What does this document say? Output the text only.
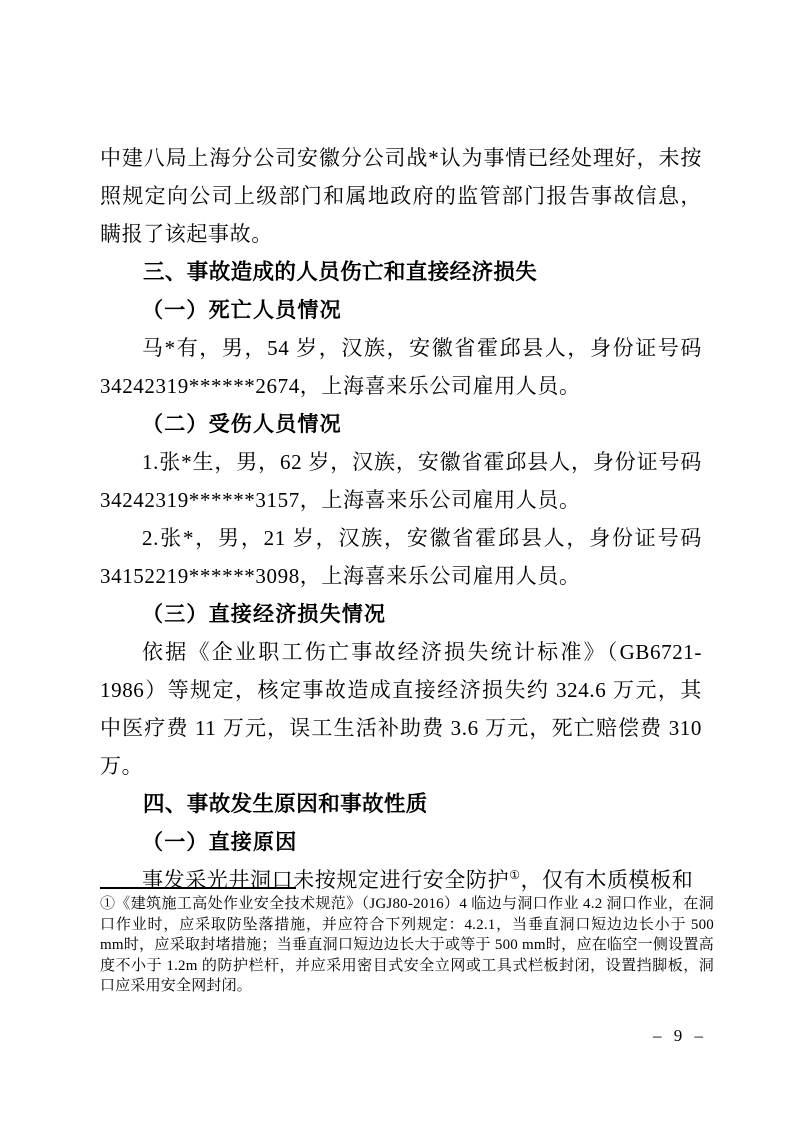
中建八局上海分公司安徽分公司战*认为事情已经处理好，未按照规定向公司上级部门和属地政府的监管部门报告事故信息，瞒报了该起事故。

三、事故造成的人员伤亡和直接经济损失
（一）死亡人员情况

马*有，男，54 岁，汉族，安徽省霍邱县人，身份证号码 34242319******2674，上海喜来乐公司雇用人员。

（二）受伤人员情况

1.张*生，男，62 岁，汉族，安徽省霍邱县人，身份证号码 34242319******3157，上海喜来乐公司雇用人员。

2.张*，男，21 岁，汉族，安徽省霍邱县人，身份证号码 34152219******3098，上海喜来乐公司雇用人员。

（三）直接经济损失情况

依据《企业职工伤亡事故经济损失统计标准》（GB6721-1986）等规定，核定事故造成直接经济损失约 324.6 万元，其中医疗费 11 万元，误工生活补助费 3.6 万元，死亡赔偿费 310 万。

四、事故发生原因和事故性质
（一）直接原因

事发采光井洞口未按规定进行安全防护①，仅有木质模板和

①《建筑施工高处作业安全技术规范》（JGJ80-2016）4 临边与洞口作业 4.2 洞口作业，在洞口作业时，应采取防坠落措施，并应符合下列规定：4.2.1，当垂直洞口短边边长小于 500 mm时，应采取封堵措施；当垂直洞口短边边长大于或等于 500 mm时，应在临空一侧设置高度不小于 1.2m 的防护栏杆，并应采用密目式安全立网或工具式栏板封闭，设置挡脚板，洞口应采用安全网封闭。

– 9 –
